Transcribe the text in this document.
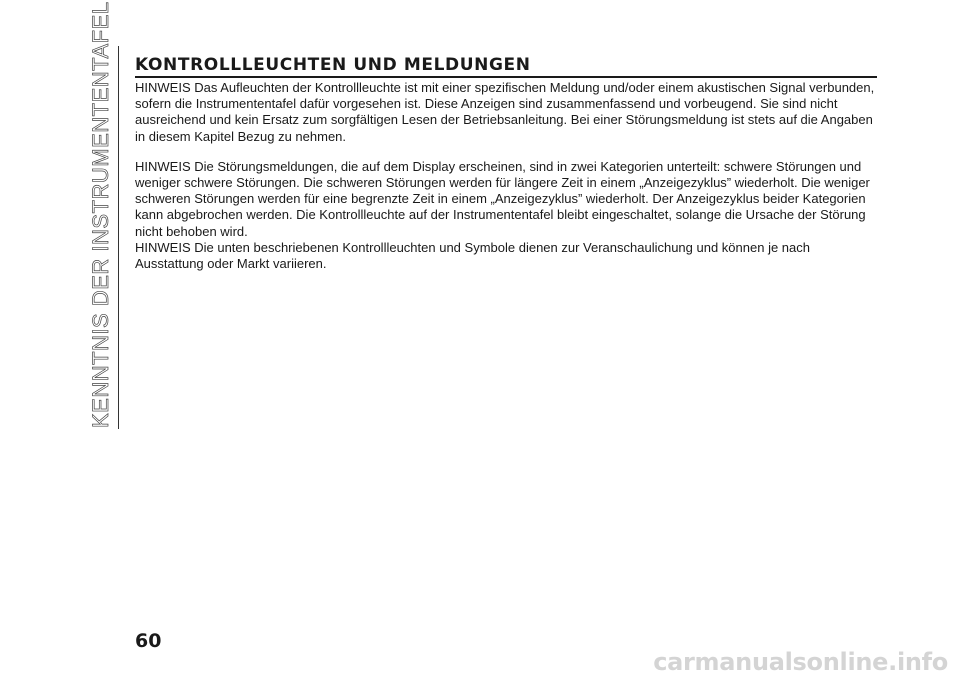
KENNTNIS DER INSTRUMENTENTAFEL KONTROLLLEUCHTEN UND MELDUNGEN

HINWEIS Das Aufleuchten der Kontrollleuchte ist mit einer spezifischen Meldung und/oder einem akustischen Signal verbunden, sofern die Instrumententafel dafür vorgesehen ist. Diese Anzeigen sind zusammenfassend und vorbeugend. Sie sind nicht ausreichend und kein Ersatz zum sorgfältigen Lesen der Betriebsanleitung. Bei einer Störungsmeldung ist stets auf die Angaben in diesem Kapitel Bezug zu nehmen.

HINWEIS Die Störungsmeldungen, die auf dem Display erscheinen, sind in zwei Kategorien unterteilt: schwere Störungen und weniger schwere Störungen. Die schweren Störungen werden für längere Zeit in einem „Anzeigezyklus” wiederholt. Die weniger schweren Störungen werden für eine begrenzte Zeit in einem „Anzeigezyklus” wiederholt. Der Anzeigezyklus beider Kategorien kann abgebrochen werden. Die Kontrollleuchte auf der Instrumententafel bleibt eingeschaltet, solange die Ursache der Störung nicht behoben wird.

HINWEIS Die unten beschriebenen Kontrollleuchten und Symbole dienen zur Veranschaulichung und können je nach Ausstattung oder Markt variieren.

60
carmanualsonline.info
